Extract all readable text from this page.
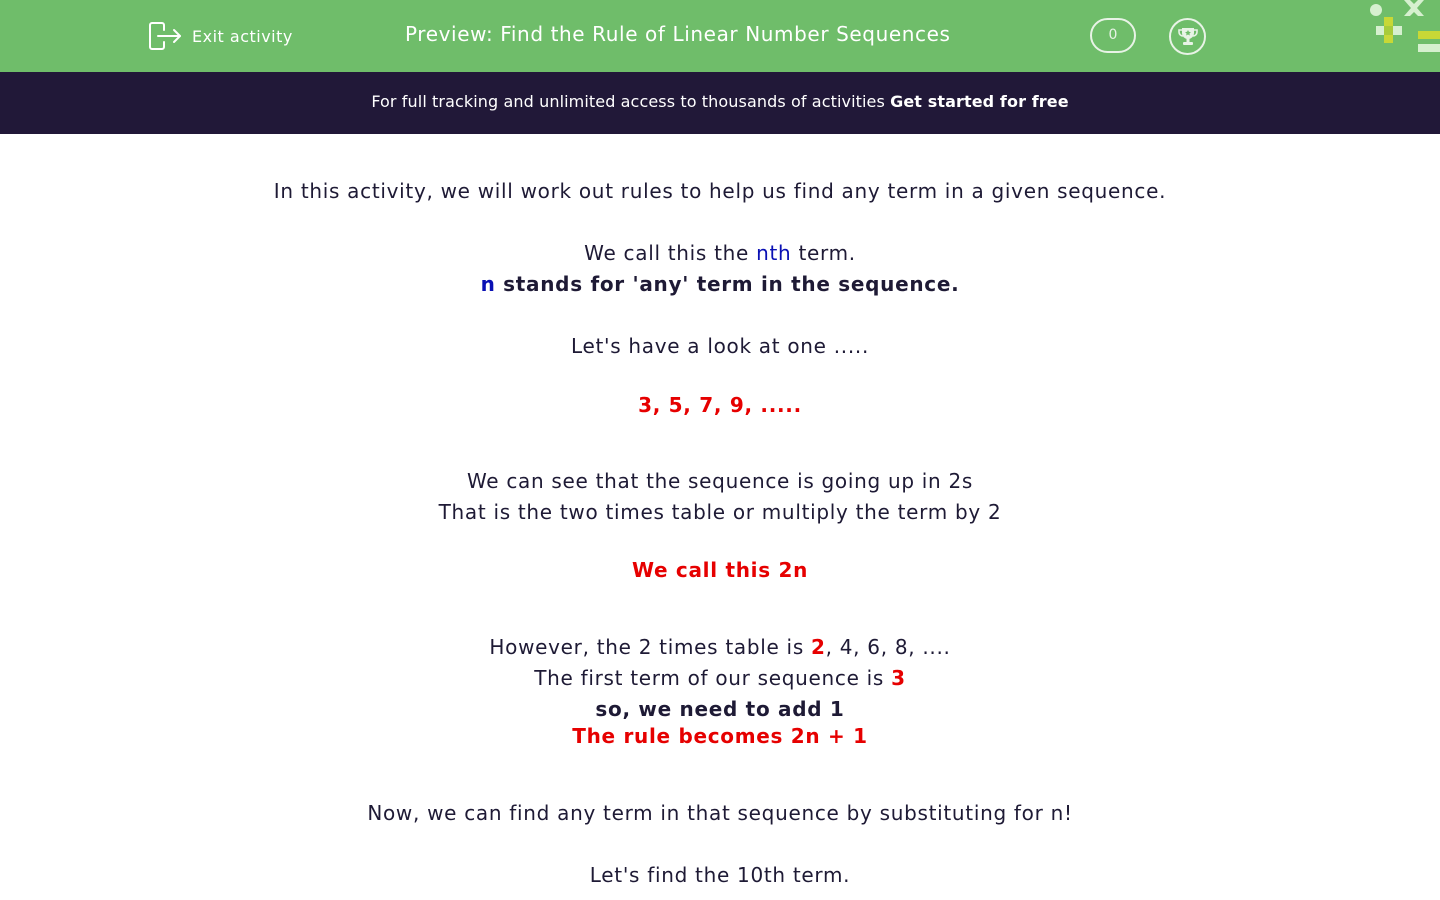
Exit activity	Preview: Find the Rule of Linear Number Sequences	0
For full tracking and unlimited access to thousands of activities Get started for free
In this activity, we will work out rules to help us find any term in a given sequence.
We call this the nth term.
n stands for 'any' term in the sequence.
Let's have a look at one .....
3, 5, 7, 9, .....
We can see that the sequence is going up in 2s
That is the two times table or multiply the term by 2
We call this 2n
However, the 2 times table is 2, 4, 6, 8, ....
The first term of our sequence is 3
so, we need to add 1
The rule becomes 2n + 1
Now, we can find any term in that sequence by substituting for n!
Let's find the 10th term.
